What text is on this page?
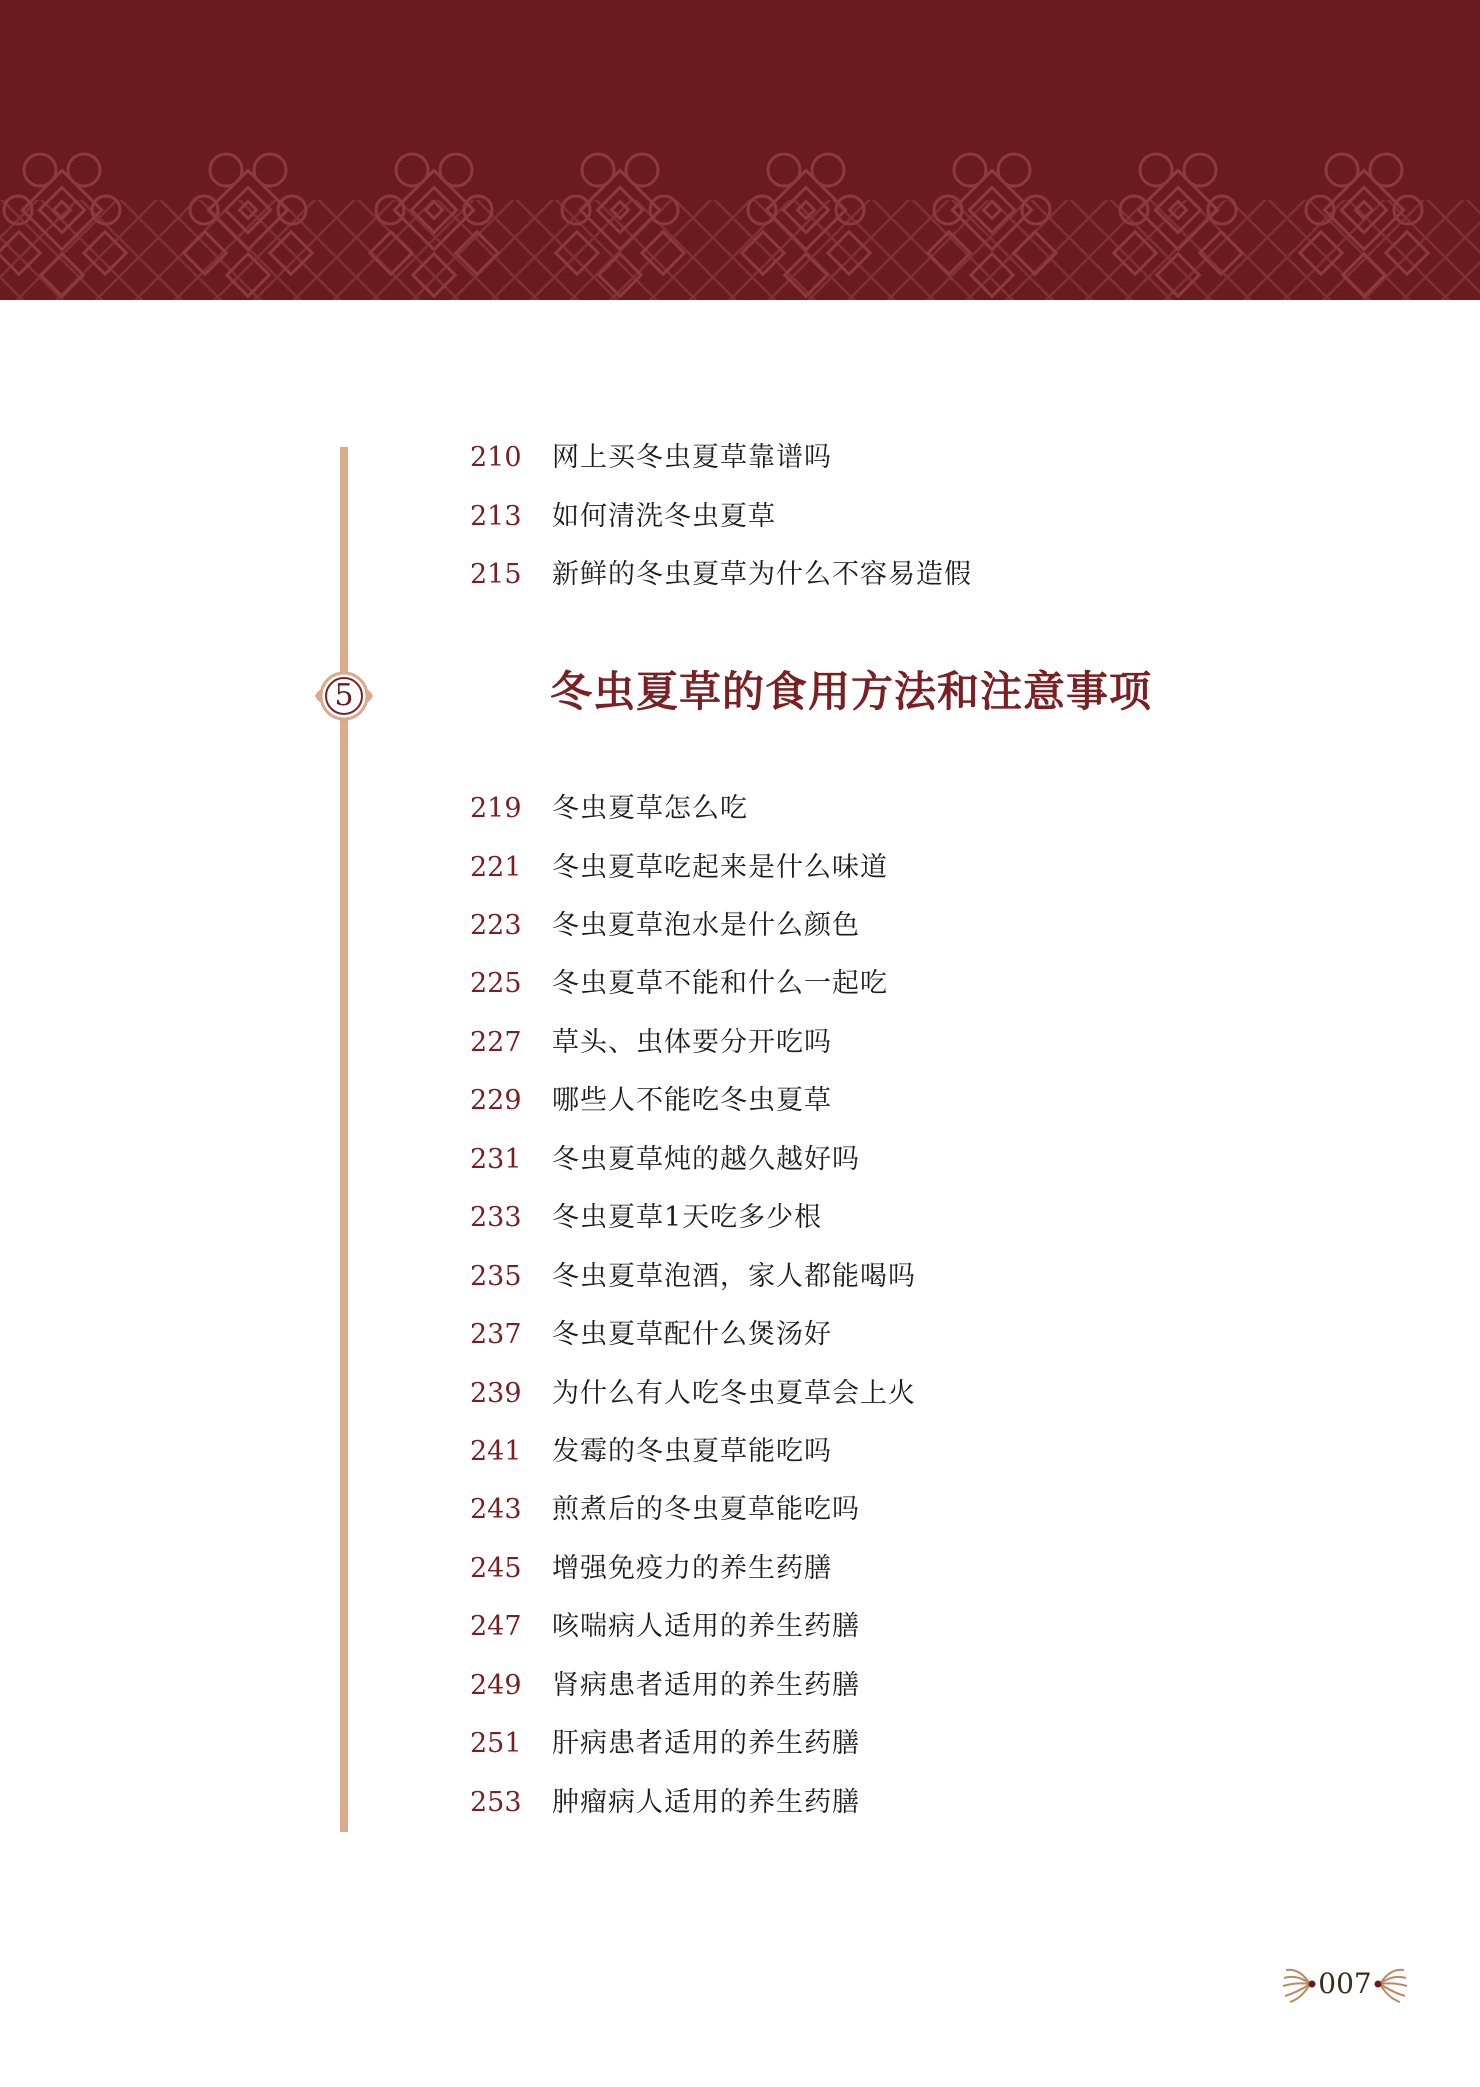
210 网上买冬虫夏草靠谱吗
213 如何清洗冬虫夏草
215 新鲜的冬虫夏草为什么不容易造假
5	冬虫夏草的食用方法和注意事项
219 冬虫夏草怎么吃
221 冬虫夏草吃起来是什么味道
223 冬虫夏草泡水是什么颜色
225 冬虫夏草不能和什么一起吃
227 草头、虫体要分开吃吗
229 哪些人不能吃冬虫夏草
231 冬虫夏草炖的越久越好吗
233 冬虫夏草1天吃多少根
235 冬虫夏草泡酒，家人都能喝吗
237 冬虫夏草配什么煲汤好
239 为什么有人吃冬虫夏草会上火
241 发霉的冬虫夏草能吃吗
243 煎煮后的冬虫夏草能吃吗
245 增强免疫力的养生药膳
247 咳喘病人适用的养生药膳
249 肾病患者适用的养生药膳
251 肝病患者适用的养生药膳
253 肿瘤病人适用的养生药膳
007
